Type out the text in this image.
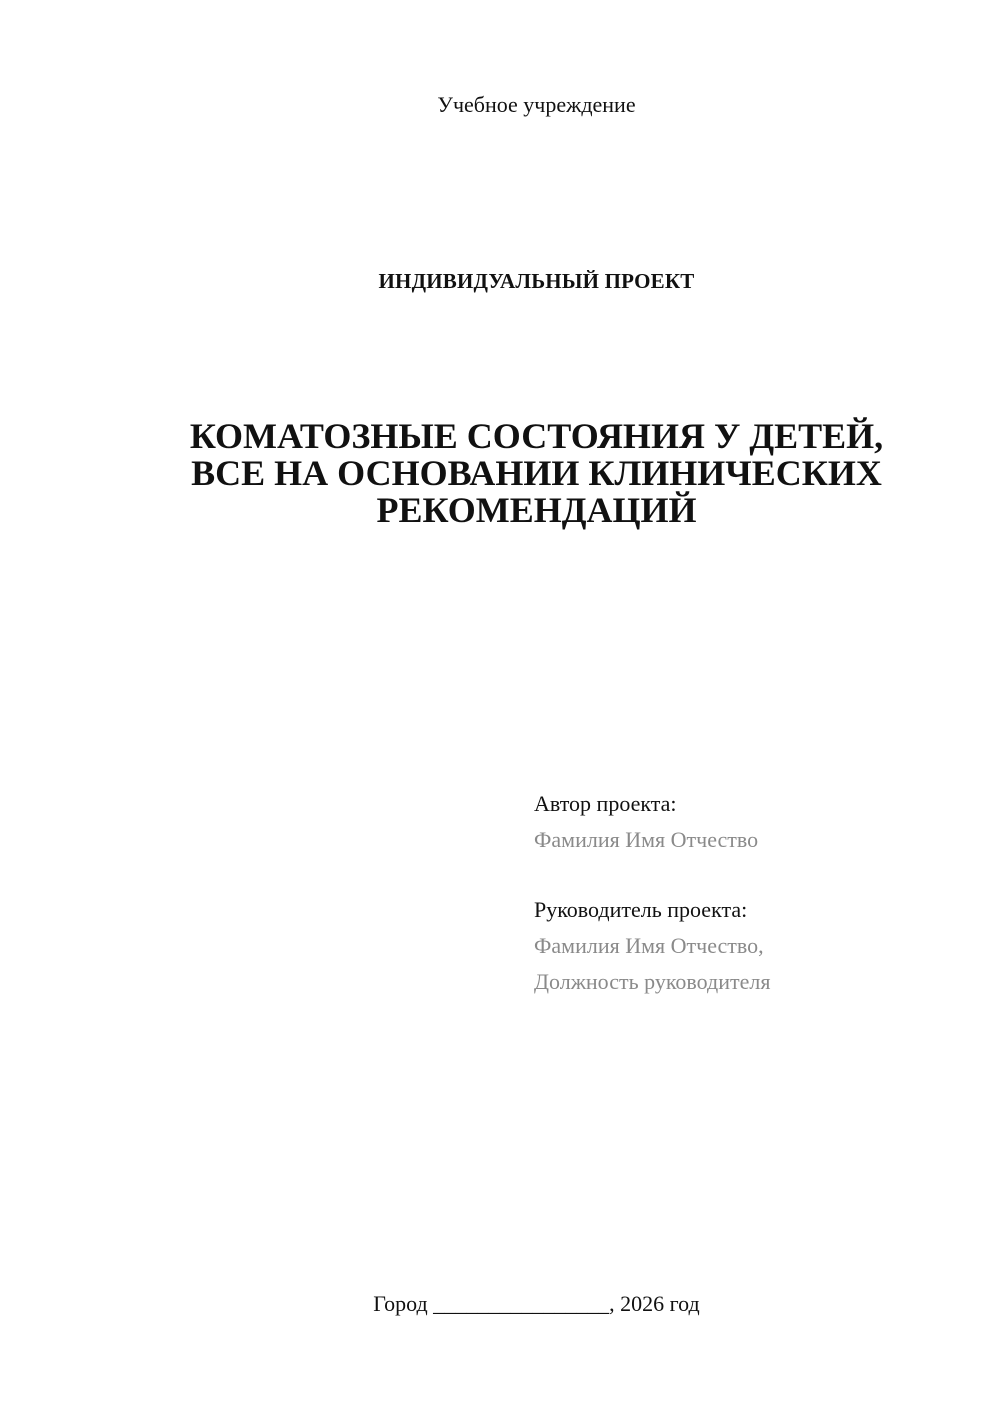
Учебное учреждение
ИНДИВИДУАЛЬНЫЙ ПРОЕКТ
КОМАТОЗНЫЕ СОСТОЯНИЯ У ДЕТЕЙ,
ВСЕ НА ОСНОВАНИИ КЛИНИЧЕСКИХ
РЕКОМЕНДАЦИЙ
Автор проекта:
Фамилия Имя Отчество
Руководитель проекта:
Фамилия Имя Отчество,
Должность руководителя
Город ________________, 2026 год
